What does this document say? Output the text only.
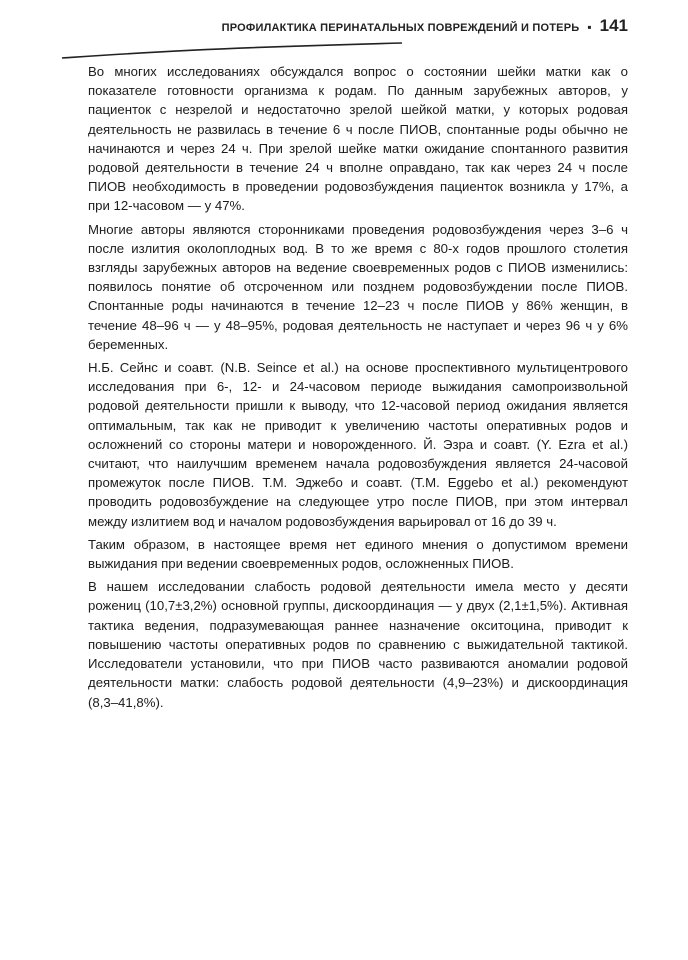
ПРОФИЛАКТИКА ПЕРИНАТАЛЬНЫХ ПОВРЕЖДЕНИЙ И ПОТЕРЬ ▪ 141

Во многих исследованиях обсуждался вопрос о состоянии шейки матки как о показателе готовности организма к родам. По данным зарубежных авторов, у пациенток с незрелой и недостаточно зрелой шейкой матки, у которых родовая деятельность не развилась в течение 6 ч после ПИОВ, спонтанные роды обычно не начинаются и через 24 ч. При зрелой шейке матки ожидание спонтанного развития родовой деятельности в течение 24 ч вполне оправдано, так как через 24 ч после ПИОВ необходимость в проведении родовозбуждения пациенток возникла у 17%, а при 12-часовом — у 47%.

Многие авторы являются сторонниками проведения родовозбуждения через 3–6 ч после излития околоплодных вод. В то же время с 80-х годов прошлого столетия взгляды зарубежных авторов на ведение своевременных родов с ПИОВ изменились: появилось понятие об отсроченном или позднем родовозбуждении после ПИОВ. Спонтанные роды начинаются в течение 12–23 ч после ПИОВ у 86% женщин, в течение 48–96 ч — у 48–95%, родовая деятельность не наступает и через 96 ч у 6% беременных.

Н.Б. Сейнс и соавт. (N.B. Seince et al.) на основе проспективного мультицентрового исследования при 6-, 12- и 24-часовом периоде выжидания самопроизвольной родовой деятельности пришли к выводу, что 12-часовой период ожидания является оптимальным, так как не приводит к увеличению частоты оперативных родов и осложнений со стороны матери и новорожденного. Й. Эзра и соавт. (Y. Ezra et al.) считают, что наилучшим временем начала родовозбуждения является 24-часовой промежуток после ПИОВ. Т.М. Эджебо и соавт. (T.M. Eggebo et al.) рекомендуют проводить родовозбуждение на следующее утро после ПИОВ, при этом интервал между излитием вод и началом родовозбуждения варьировал от 16 до 39 ч.

Таким образом, в настоящее время нет единого мнения о допустимом времени выжидания при ведении своевременных родов, осложненных ПИОВ.

В нашем исследовании слабость родовой деятельности имела место у десяти рожениц (10,7±3,2%) основной группы, дискоординация — у двух (2,1±1,5%). Активная тактика ведения, подразумевающая раннее назначение окситоцина, приводит к повышению частоты оперативных родов по сравнению с выжидательной тактикой. Исследователи установили, что при ПИОВ часто развиваются аномалии родовой деятельности матки: слабость родовой деятельности (4,9–23%) и дискоординация (8,3–41,8%).
